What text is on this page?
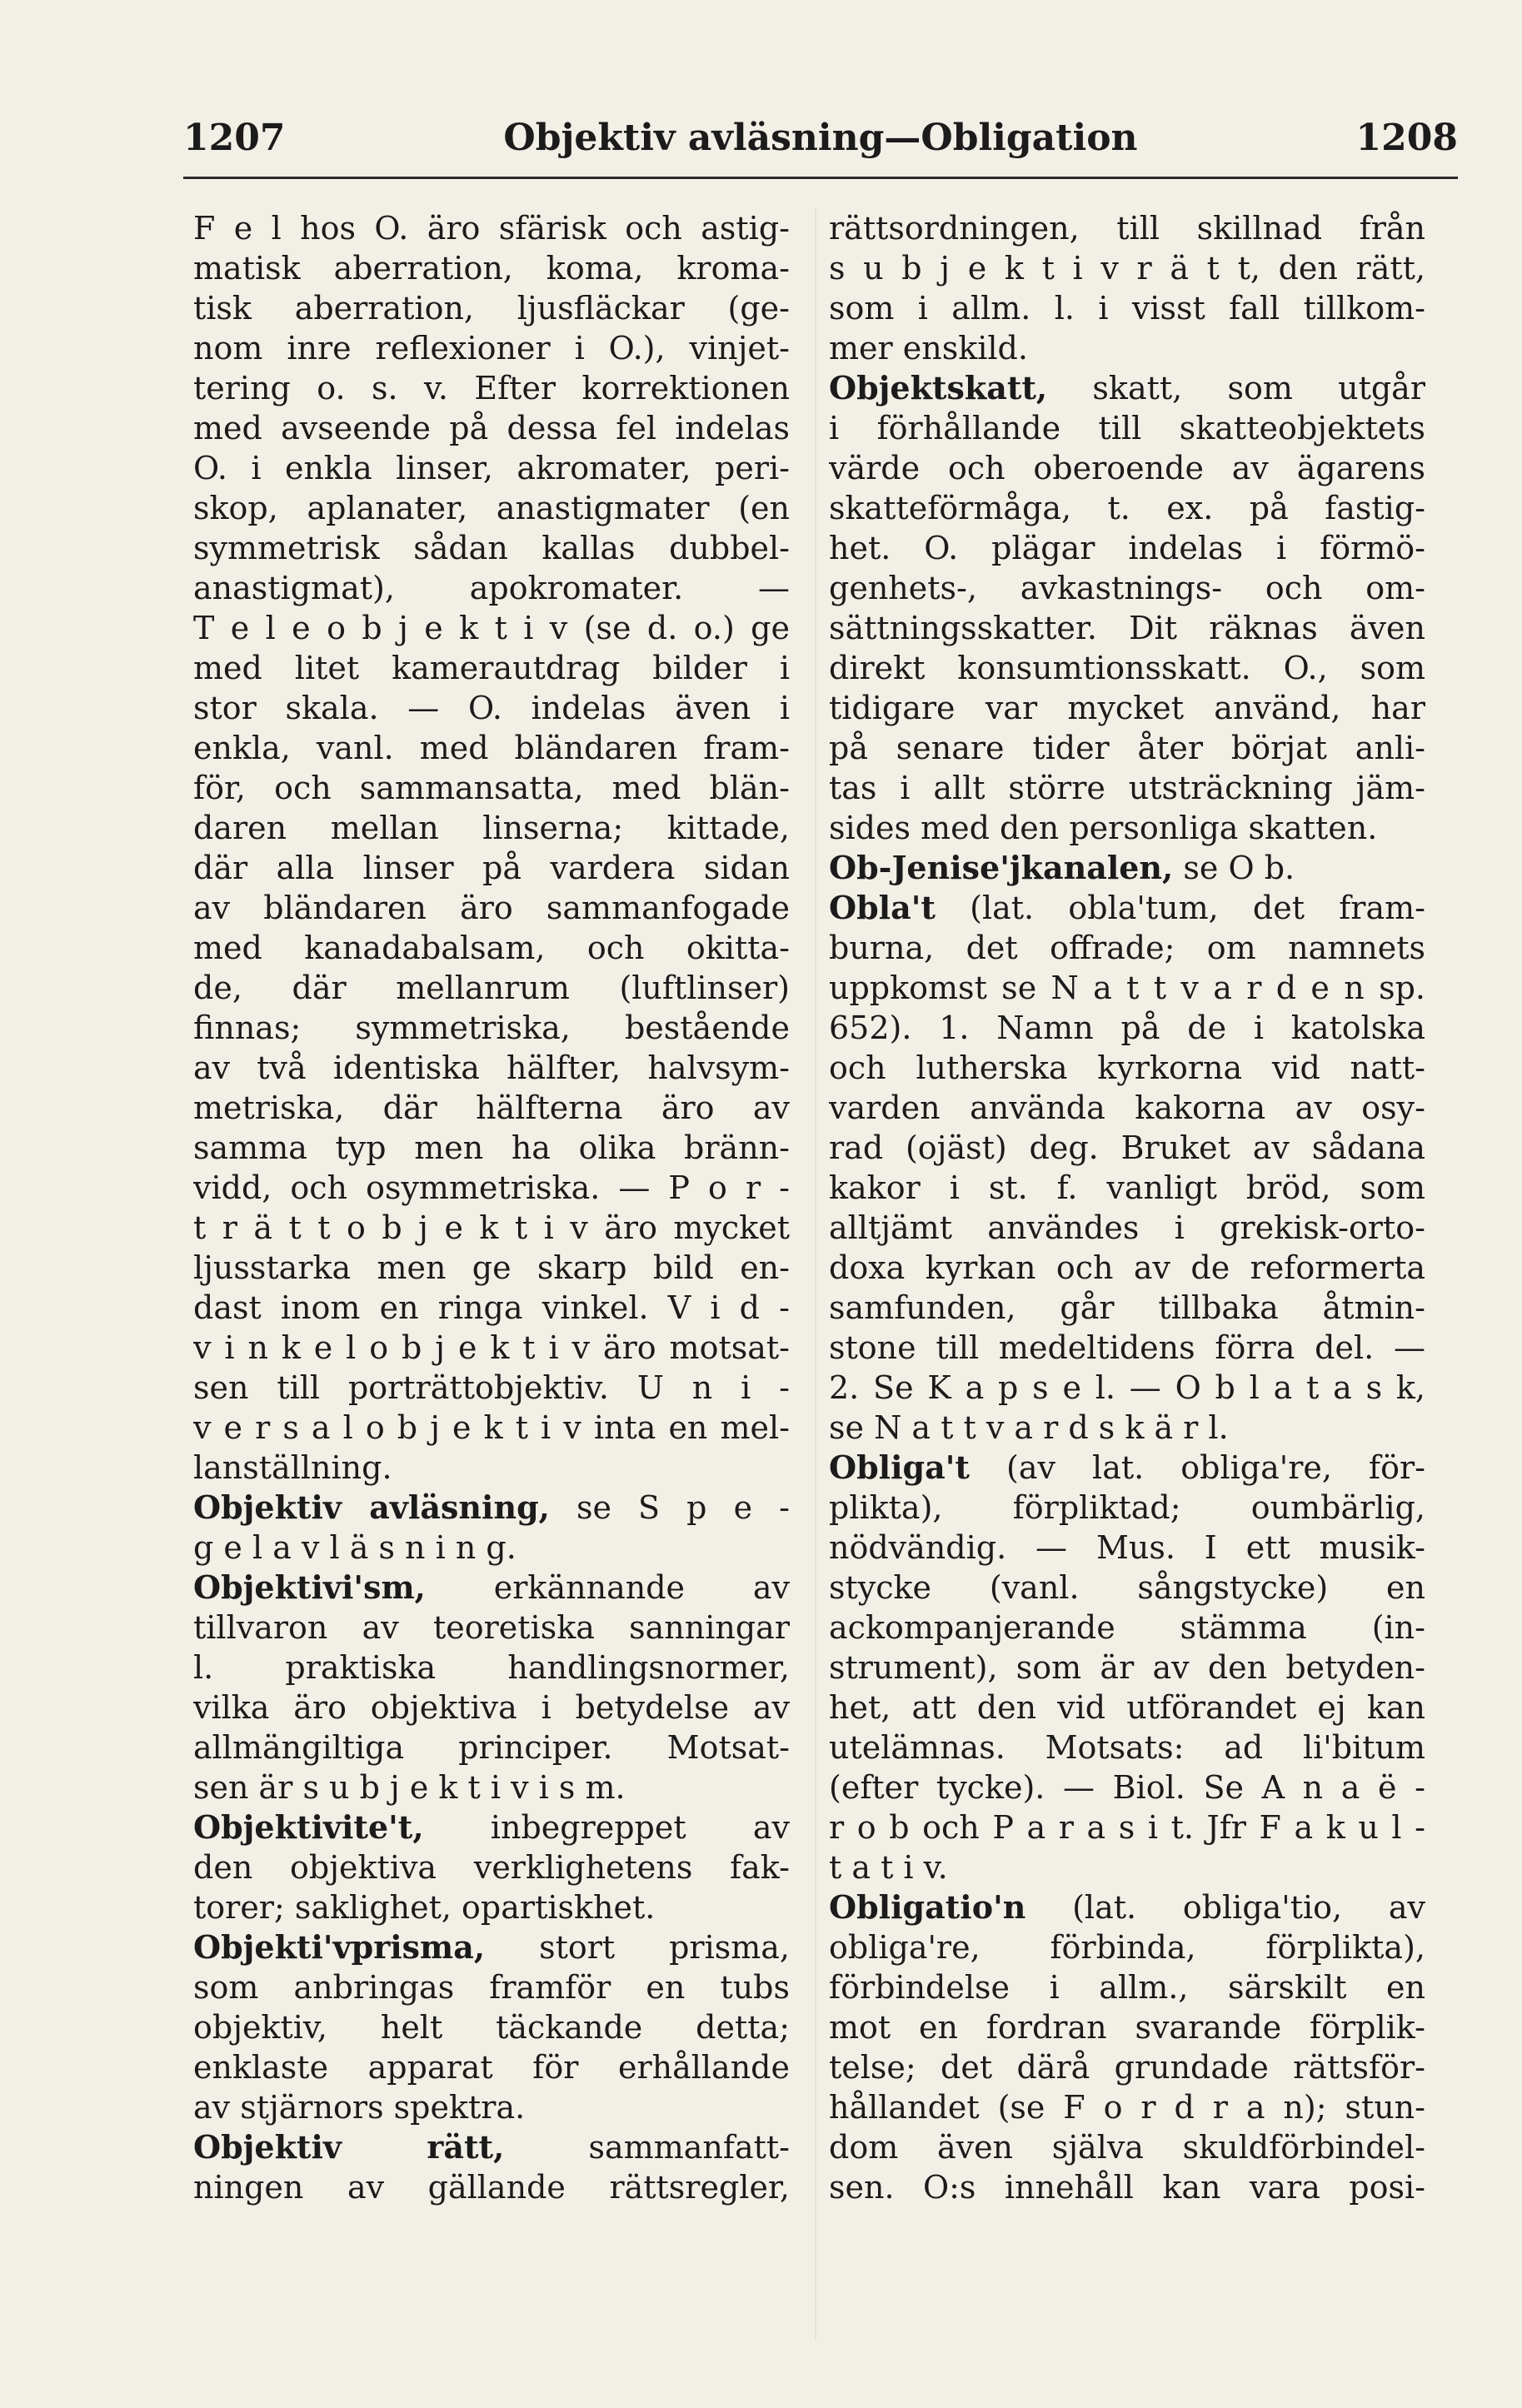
1207	Objektiv avläsning—Obligation	1208
F e l hos O. äro sfärisk och astig-
matisk aberration, koma, kroma-
tisk aberration, ljusfläckar (ge-
nom inre reflexioner i O.), vinjet-
tering o. s. v. Efter korrektionen
med avseende på dessa fel indelas
O. i enkla linser, akromater, peri-
skop, aplanater, anastigmater (en
symmetrisk sådan kallas dubbel-
anastigmat), apokromater. —
T e l e o b j e k t i v (se d. o.) ge
med litet kamerautdrag bilder i
stor skala. — O. indelas även i
enkla, vanl. med bländaren fram-
för, och sammansatta, med blän-
daren mellan linserna; kittade,
där alla linser på vardera sidan
av bländaren äro sammanfogade
med kanadabalsam, och okitta-
de, där mellanrum (luftlinser)
finnas; symmetriska, bestående
av två identiska hälfter, halvsym-
metriska, där hälfterna äro av
samma typ men ha olika bränn-
vidd, och osymmetriska. — P o r -
t r ä t t o b j e k t i v äro mycket
ljusstarka men ge skarp bild en-
dast inom en ringa vinkel. V i d -
v i n k e l o b j e k t i v äro motsat-
sen till porträttobjektiv. U n i -
v e r s a l o b j e k t i v inta en mel-
lanställning.
Objektiv avläsning, se S p e -
g e l a v l ä s n i n g.
Objektivi'sm, erkännande av
tillvaron av teoretiska sanningar
l. praktiska handlingsnormer,
vilka äro objektiva i betydelse av
allmängiltiga principer. Motsat-
sen är s u b j e k t i v i s m.
Objektivite't, inbegreppet av
den objektiva verklighetens fak-
torer; saklighet, opartiskhet.
Objekti'vprisma, stort prisma,
som anbringas framför en tubs
objektiv, helt täckande detta;
enklaste apparat för erhållande
av stjärnors spektra.
Objektiv rätt,	sammanfatt-
ningen av gällande rättsregler,
rättsordningen, till skillnad från
s u b j e k t i v r ä t t, den rätt,
som i allm. l. i visst fall tillkom-
mer enskild.
Objektskatt, skatt, som utgår
i förhållande till skatteobjektets
värde och oberoende av ägarens
skatteförmåga, t. ex. på fastig-
het. O. plägar indelas i förmö-
genhets-, avkastnings- och om-
sättningsskatter. Dit räknas även
direkt konsumtionsskatt. O., som
tidigare var mycket använd, har
på senare tider åter börjat anli-
tas i allt större utsträckning jäm-
sides med den personliga skatten.
Ob-Jenise'jkanalen, se O b.
Obla't (lat. obla'tum, det fram-
burna, det offrade; om namnets
uppkomst se N a t t v a r d e n sp.
652). 1. Namn på de i katolska
och lutherska kyrkorna vid natt-
varden använda kakorna av osy-
rad (ojäst) deg. Bruket av sådana
kakor i st. f. vanligt bröd, som
alltjämt användes i grekisk-orto-
doxa kyrkan och av de reformerta
samfunden, går tillbaka åtmin-
stone till medeltidens förra del. —
2. Se K a p s e l. — O b l a t a s k,
se N a t t v a r d s k ä r l.
Obliga't (av lat. obliga're, för-
plikta), förpliktad; oumbärlig,
nödvändig. — Mus. I ett musik-
stycke (vanl. sångstycke) en
ackompanjerande stämma (in-
strument), som är av den betyden-
het, att den vid utförandet ej kan
utelämnas. Motsats: ad li'bitum
(efter tycke). — Biol. Se A n a ë -
r o b och P a r a s i t. Jfr F a k u l -
t a t i v.
Obligatio'n (lat. obliga'tio, av
obliga're, förbinda, förplikta),
förbindelse i allm., särskilt en
mot en fordran svarande förplik-
telse; det därå grundade rättsför-
hållandet (se F o r d r a n); stun-
dom även själva skuldförbindel-
sen. O:s innehåll kan vara posi-
